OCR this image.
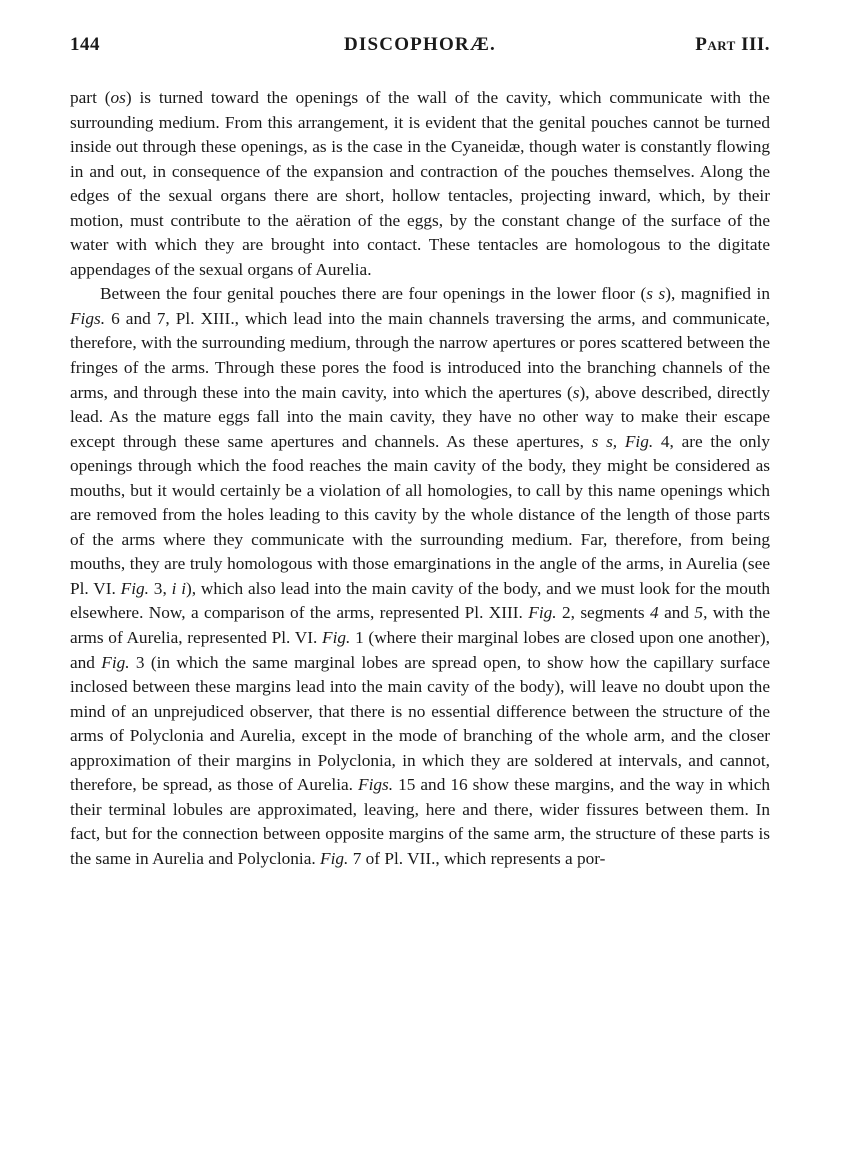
144	DISCOPHORÆ.	Part III.

part (os) is turned toward the openings of the wall of the cavity, which communicate with the surrounding medium. From this arrangement, it is evident that the genital pouches cannot be turned inside out through these openings, as is the case in the Cyaneidæ, though water is constantly flowing in and out, in consequence of the expansion and contraction of the pouches themselves. Along the edges of the sexual organs there are short, hollow tentacles, projecting inward, which, by their motion, must contribute to the aëration of the eggs, by the constant change of the surface of the water with which they are brought into contact. These tentacles are homologous to the digitate appendages of the sexual organs of Aurelia.

Between the four genital pouches there are four openings in the lower floor (s s), magnified in Figs. 6 and 7, Pl. XIII., which lead into the main channels traversing the arms, and communicate, therefore, with the surrounding medium, through the narrow apertures or pores scattered between the fringes of the arms. Through these pores the food is introduced into the branching channels of the arms, and through these into the main cavity, into which the apertures (s), above described, directly lead. As the mature eggs fall into the main cavity, they have no other way to make their escape except through these same apertures and channels. As these apertures, s s, Fig. 4, are the only openings through which the food reaches the main cavity of the body, they might be considered as mouths, but it would certainly be a violation of all homologies, to call by this name openings which are removed from the holes leading to this cavity by the whole distance of the length of those parts of the arms where they communicate with the surrounding medium. Far, therefore, from being mouths, they are truly homologous with those emarginations in the angle of the arms, in Aurelia (see Pl. VI. Fig. 3, i i), which also lead into the main cavity of the body, and we must look for the mouth elsewhere. Now, a comparison of the arms, represented Pl. XIII. Fig. 2, segments 4 and 5, with the arms of Aurelia, represented Pl. VI. Fig. 1 (where their marginal lobes are closed upon one another), and Fig. 3 (in which the same marginal lobes are spread open, to show how the capillary surface inclosed between these margins lead into the main cavity of the body), will leave no doubt upon the mind of an unprejudiced observer, that there is no essential difference between the structure of the arms of Polyclonia and Aurelia, except in the mode of branching of the whole arm, and the closer approximation of their margins in Polyclonia, in which they are soldered at intervals, and cannot, therefore, be spread, as those of Aurelia. Figs. 15 and 16 show these margins, and the way in which their terminal lobules are approximated, leaving, here and there, wider fissures between them. In fact, but for the connection between opposite margins of the same arm, the structure of these parts is the same in Aurelia and Polyclonia. Fig. 7 of Pl. VII., which represents a por-
